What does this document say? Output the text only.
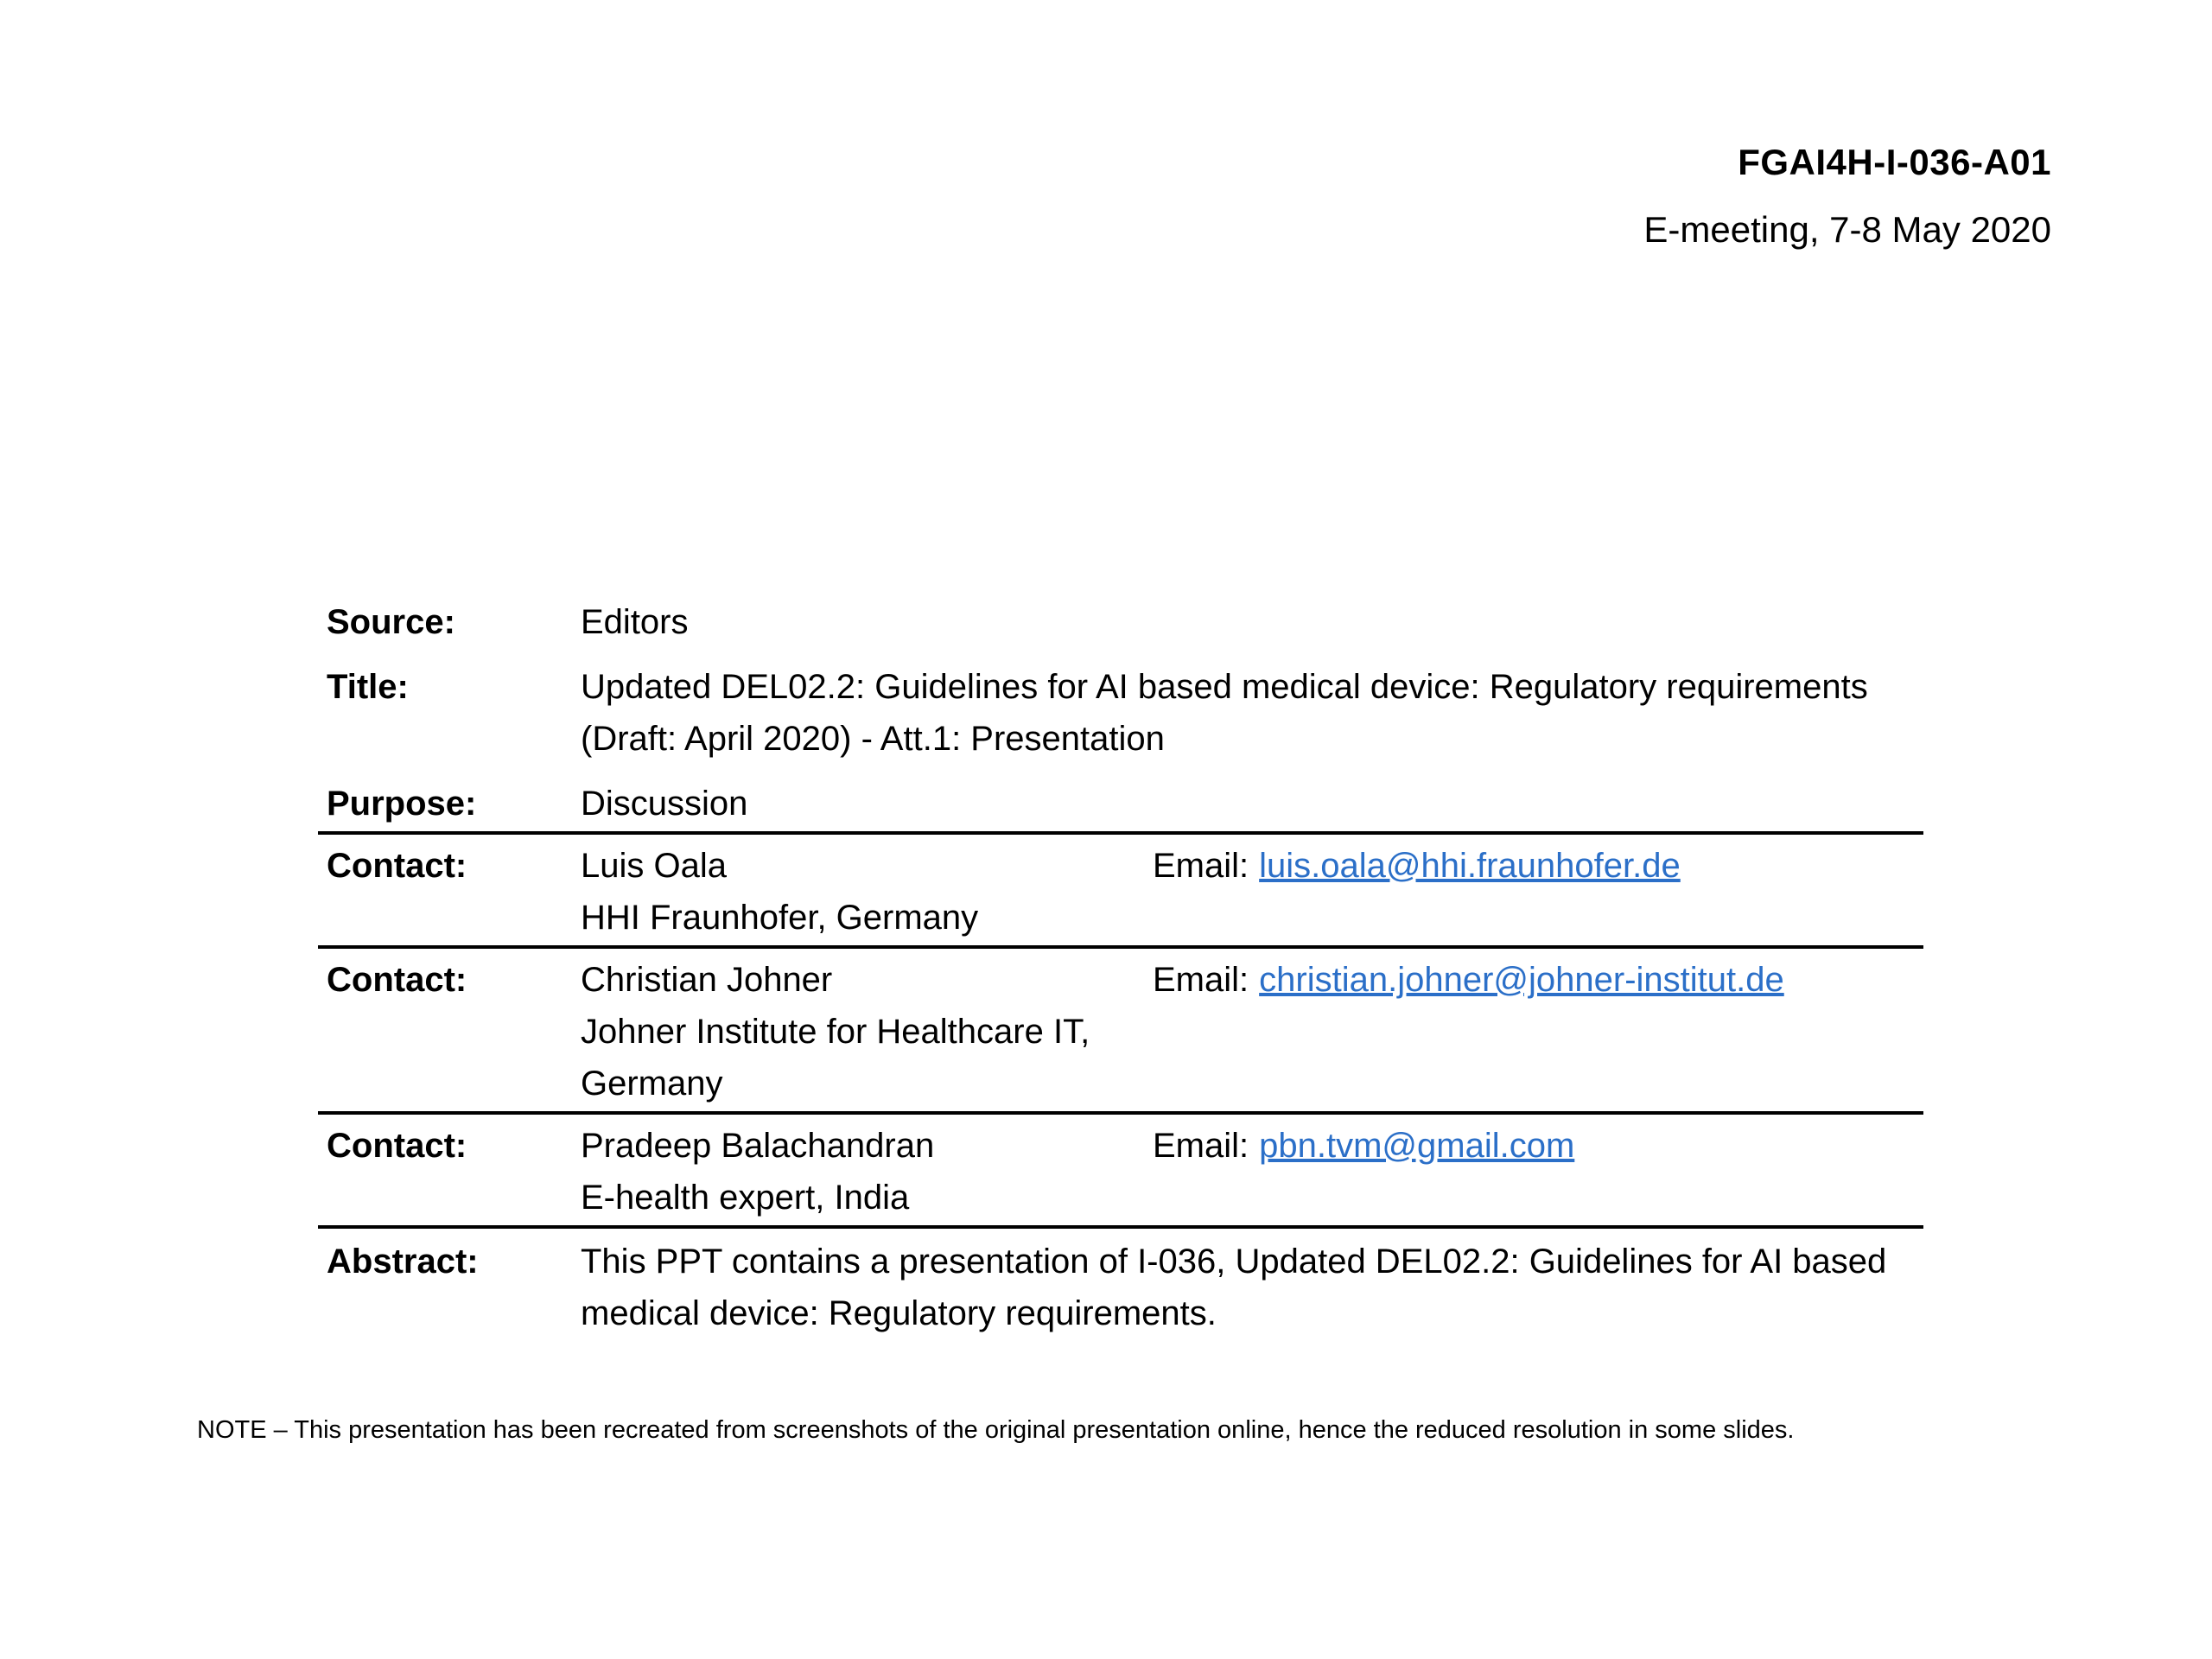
FGAI4H-I-036-A01
E-meeting, 7-8 May 2020
Source:	Editors
Title:	Updated DEL02.2: Guidelines for AI based medical device: Regulatory requirements (Draft: April 2020) - Att.1: Presentation
Purpose:	Discussion
Contact:	Luis Oala
HHI Fraunhofer, Germany
Email: luis.oala@hhi.fraunhofer.de
Contact:	Christian Johner
Johner Institute for Healthcare IT, Germany
Email: christian.johner@johner-institut.de
Contact:	Pradeep Balachandran
E-health expert, India
Email: pbn.tvm@gmail.com
Abstract:	This PPT contains a presentation of I-036, Updated DEL02.2: Guidelines for AI based medical device: Regulatory requirements.
NOTE – This presentation has been recreated from screenshots of the original presentation online, hence the reduced resolution in some slides.
